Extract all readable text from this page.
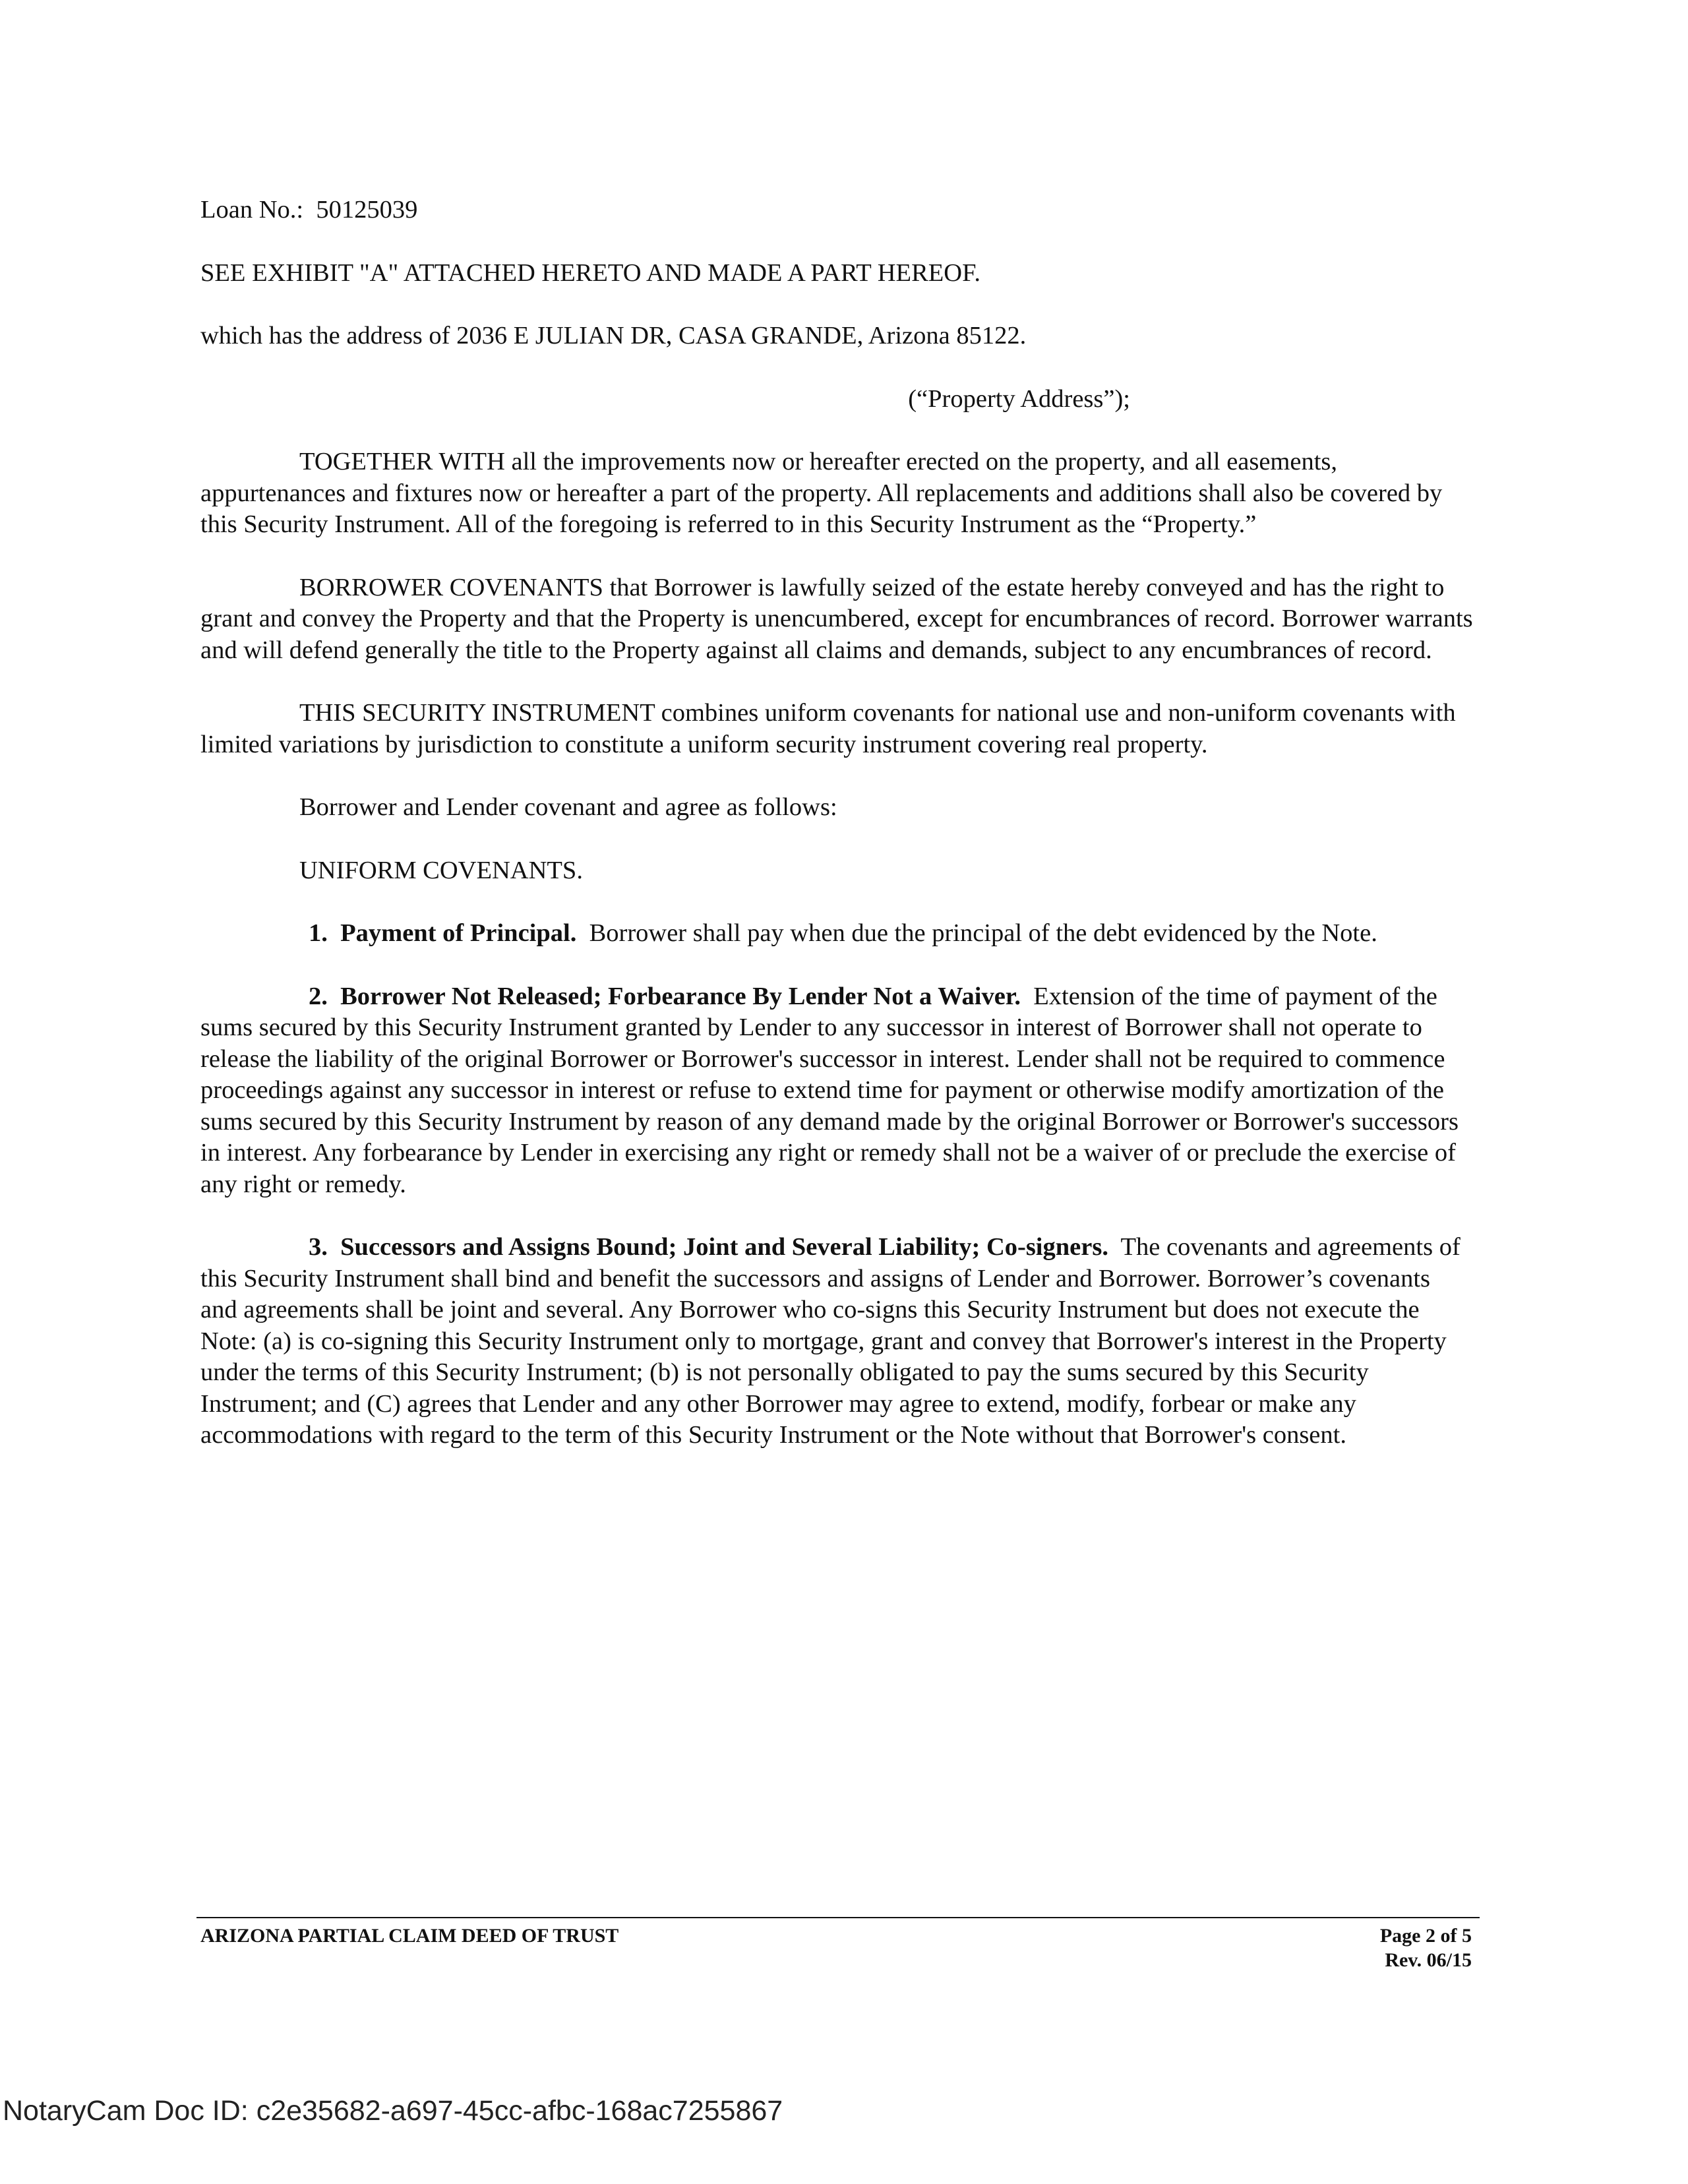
Loan No.: 50125039

SEE EXHIBIT "A" ATTACHED HERETO AND MADE A PART HEREOF.

which has the address of 2036 E JULIAN DR, CASA GRANDE, Arizona 85122.

(“Property Address”);

TOGETHER WITH all the improvements now or hereafter erected on the property, and all easements, appurtenances and fixtures now or hereafter a part of the property. All replacements and additions shall also be covered by this Security Instrument. All of the foregoing is referred to in this Security Instrument as the “Property.”

BORROWER COVENANTS that Borrower is lawfully seized of the estate hereby conveyed and has the right to grant and convey the Property and that the Property is unencumbered, except for encumbrances of record. Borrower warrants and will defend generally the title to the Property against all claims and demands, subject to any encumbrances of record.

THIS SECURITY INSTRUMENT combines uniform covenants for national use and non-uniform covenants with limited variations by jurisdiction to constitute a uniform security instrument covering real property.

Borrower and Lender covenant and agree as follows:

UNIFORM COVENANTS.

1. Payment of Principal. Borrower shall pay when due the principal of the debt evidenced by the Note.

2. Borrower Not Released; Forbearance By Lender Not a Waiver. Extension of the time of payment of the sums secured by this Security Instrument granted by Lender to any successor in interest of Borrower shall not operate to release the liability of the original Borrower or Borrower's successor in interest. Lender shall not be required to commence proceedings against any successor in interest or refuse to extend time for payment or otherwise modify amortization of the sums secured by this Security Instrument by reason of any demand made by the original Borrower or Borrower's successors in interest. Any forbearance by Lender in exercising any right or remedy shall not be a waiver of or preclude the exercise of any right or remedy.

3. Successors and Assigns Bound; Joint and Several Liability; Co-signers. The covenants and agreements of this Security Instrument shall bind and benefit the successors and assigns of Lender and Borrower. Borrower’s covenants and agreements shall be joint and several. Any Borrower who co-signs this Security Instrument but does not execute the Note: (a) is co-signing this Security Instrument only to mortgage, grant and convey that Borrower's interest in the Property under the terms of this Security Instrument; (b) is not personally obligated to pay the sums secured by this Security Instrument; and (C) agrees that Lender and any other Borrower may agree to extend, modify, forbear or make any accommodations with regard to the term of this Security Instrument or the Note without that Borrower's consent.

ARIZONA PARTIAL CLAIM DEED OF TRUST	Page 2 of 5
Rev. 06/15
NotaryCam Doc ID: c2e35682-a697-45cc-afbc-168ac7255867
